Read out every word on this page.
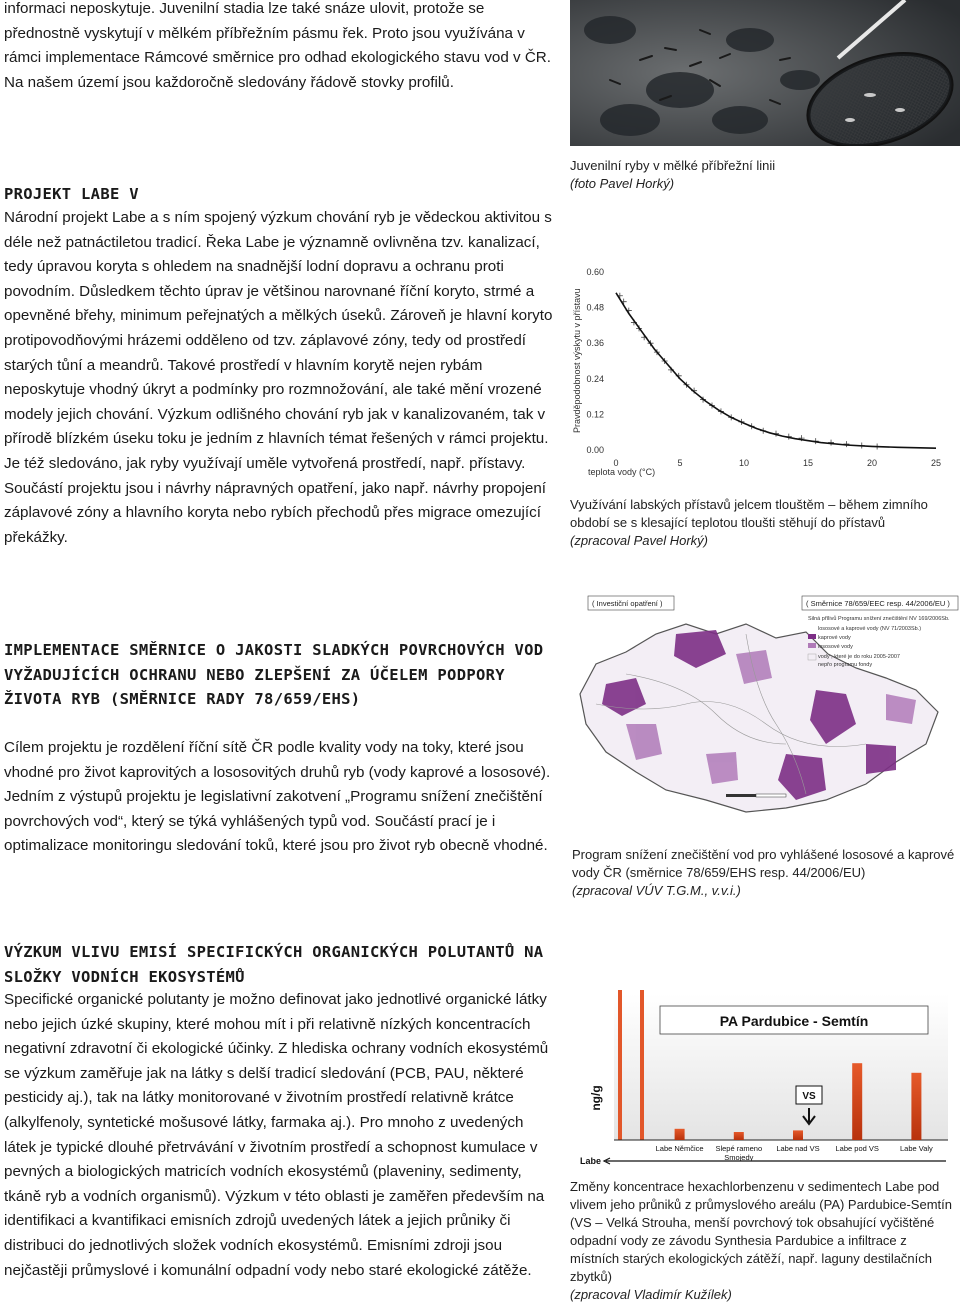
informaci neposkytuje. Juvenilní stadia lze také snáze ulovit, protože se přednostně vyskytují v mělkém příbřežním pásmu řek. Proto jsou využívána v rámci implementace Rámcové směrnice pro odhad ekologického stavu vod v ČR. Na našem území jsou každoročně sledovány řádově stovky profilů.

Juvenilní ryby v mělké příbřežní linii
(foto Pavel Horký)

PROJEKT LABE V

Národní projekt Labe a s ním spojený výzkum chování ryb je vědeckou aktivitou s déle než patnáctiletou tradicí. Řeka Labe je významně ovlivněna tzv. kanalizací, tedy úpravou koryta s ohledem na snadnější lodní dopravu a ochranu proti povodním. Důsledkem těchto úprav je většinou narovnané říční koryto, strmé a opevněné břehy, minimum peřejnatých a mělkých úseků. Zároveň je hlavní koryto protipovodňovými hrázemi odděleno od tzv. záplavové zóny, tedy od prostředí starých tůní a meandrů. Takové prostředí v hlavním korytě nejen rybám neposkytuje vhodný úkryt a podmínky pro rozmnožování, ale také mění vrozené modely jejich chování. Výzkum odlišného chování ryb jak v kanalizovaném, tak v přírodě blízkém úseku toku je jedním z hlavních témat řešených v rámci projektu. Je též sledováno, jak ryby využívají uměle vytvořená prostředí, např. přístavy. Součástí projektu jsou i návrhy nápravných opatření, jako např. návrhy propojení záplavové zóny a hlavního koryta nebo rybích přechodů přes migrace omezující překážky.

Pravděpodobnost výskytu v přístavu
teplota vody (°C)
0.00
0.12
0.24
0.36
0.48
0.60
0	5	10	15	20	25

Využívání labských přístavů jelcem tlouštěm – během zimního období se s klesající teplotou tloušti stěhují do přístavů
(zpracoval Pavel Horký)

IMPLEMENTACE SMĚRNICE O JAKOSTI SLADKÝCH POVRCHOVÝCH VOD VYŽADUJÍCÍCH OCHRANU NEBO ZLEPŠENÍ ZA ÚČELEM PODPORY ŽIVOTA RYB (SMĚRNICE RADY 78/659/EHS)

Cílem projektu je rozdělení říční sítě ČR podle kvality vody na toky, které jsou vhodné pro život kaprovitých a lososovitých druhů ryb (vody kaprové a lososové). Jedním z výstupů projektu je legislativní zakotvení „Programu snížení znečištění povrchových vod“, který se týká vyhlášených typů vod. Součástí prací je i optimalizace monitoringu sledování toků, které jsou pro život ryb obecně vhodné.

( Investiční opatření )	( Směrnice 78/659/EEC resp. 44/2006/EU )
Silná přílivů Programu snížení znečištění NV 169/2006Sb.
lososové a kaprové vody (NV 71/2003Sb.)
kaprové vody
lososové vody
vody , které je do roku 2005-2007
nepřo programu fondy

Program snížení znečištění vod pro vyhlášené lososové a kaprové vody ČR (směrnice 78/659/EHS resp. 44/2006/EU)
(zpracoval VÚV T.G.M., v.v.i.)

VÝZKUM VLIVU EMISÍ SPECIFICKÝCH ORGANICKÝCH POLUTANTŮ NA SLOŽKY VODNÍCH EKOSYSTÉMŮ

Specifické organické polutanty je možno definovat jako jednotlivé organické látky nebo jejich úzké skupiny, které mohou mít i při relativně nízkých koncentracích negativní zdravotní či ekologické účinky. Z hlediska ochrany vodních ekosystémů se výzkum zaměřuje jak na látky s delší tradicí sledování (PCB, PAU, některé pesticidy aj.), tak na látky monitorované v životním prostředí relativně krátce (alkylfenoly, syntetické mošusové látky, farmaka aj.). Pro mnoho z uvedených látek je typické dlouhé přetrvávání v životním prostředí a schopnost kumulace v pevných a biologických matricích vodních ekosystémů (plaveniny, sedimenty, tkáně ryb a vodních organismů). Výzkum v této oblasti je zaměřen především na identifikaci a kvantifikaci emisních zdrojů uvedených látek a jejich průniky či distribuci do jednotlivých složek vodních ekosystémů. Emisními zdroji jsou nejčastěji průmyslové i komunální odpadní vody nebo staré ekologické zátěže.

PA Pardubice - Semtín
ng/g
Labe Němčice Slepé rameno
Smojedy
Labe nad VS Labe pod VS	Labe Valy
VS
Labe

Změny koncentrace hexachlorbenzenu v sedimentech Labe pod vlivem jeho průniků z průmyslového areálu (PA) Pardubice-Semtín (VS – Velká Strouha, menší povrchový tok obsahující vyčištěné odpadní vody ze závodu Synthesia Pardubice a infiltrace z místních starých ekologických zátěží, např. laguny destilačních zbytků)
(zpracoval Vladimír Kužílek)
